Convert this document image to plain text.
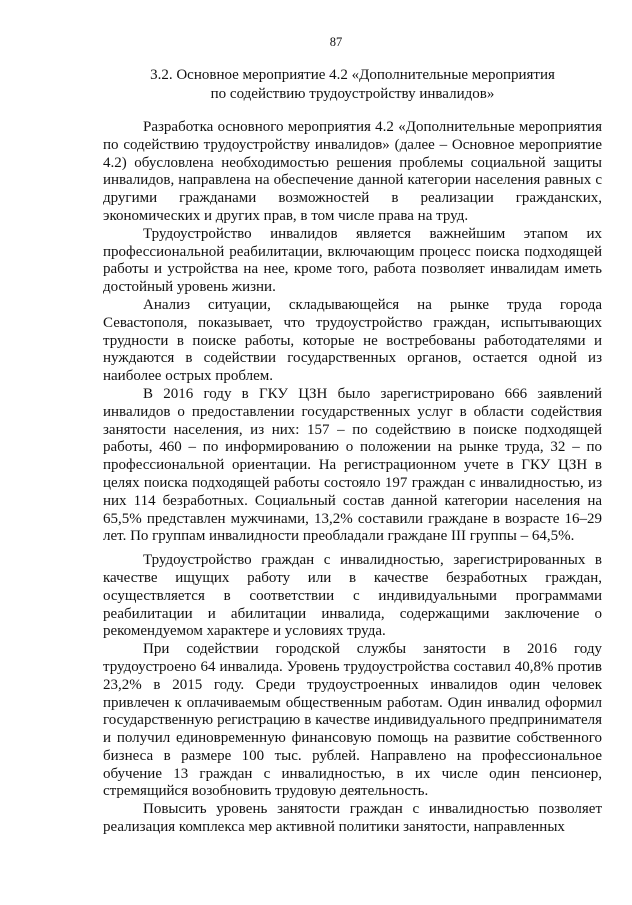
87
3.2. Основное мероприятие 4.2 «Дополнительные мероприятия
по содействию трудоустройству инвалидов»

Разработка основного мероприятия 4.2 «Дополнительные мероприятия по содействию трудоустройству инвалидов» (далее – Основное мероприятие 4.2) обусловлена необходимостью решения проблемы социальной защиты инвалидов, направлена на обеспечение данной категории населения равных с другими гражданами возможностей в реализации гражданских, экономических и других прав, в том числе права на труд.

Трудоустройство инвалидов является важнейшим этапом их профессиональной реабилитации, включающим процесс поиска подходящей работы и устройства на нее, кроме того, работа позволяет инвалидам иметь достойный уровень жизни.

Анализ ситуации, складывающейся на рынке труда города Севастополя, показывает, что трудоустройство граждан, испытывающих трудности в поиске работы, которые не востребованы работодателями и нуждаются в содействии государственных органов, остается одной из наиболее острых проблем.

В 2016 году в ГКУ ЦЗН было зарегистрировано 666 заявлений инвалидов о предоставлении государственных услуг в области содействия занятости населения, из них: 157 – по содействию в поиске подходящей работы, 460 – по информированию о положении на рынке труда, 32 – по профессиональной ориентации. На регистрационном учете в ГКУ ЦЗН в целях поиска подходящей работы состояло 197 граждан с инвалидностью, из них 114 безработных. Социальный состав данной категории населения на 65,5% представлен мужчинами, 13,2% составили граждане в возрасте 16–29 лет. По группам инвалидности преобладали граждане III группы – 64,5%.

Трудоустройство граждан с инвалидностью, зарегистрированных в качестве ищущих работу или в качестве безработных граждан, осуществляется в соответствии с индивидуальными программами реабилитации и абилитации инвалида, содержащими заключение о рекомендуемом характере и условиях труда.

При содействии городской службы занятости в 2016 году трудоустроено 64 инвалида. Уровень трудоустройства составил 40,8% против 23,2% в 2015 году. Среди трудоустроенных инвалидов один человек привлечен к оплачиваемым общественным работам. Один инвалид оформил государственную регистрацию в качестве индивидуального предпринимателя и получил единовременную финансовую помощь на развитие собственного бизнеса в размере 100 тыс. рублей. Направлено на профессиональное обучение 13 граждан с инвалидностью, в их числе один пенсионер, стремящийся возобновить трудовую деятельность.

Повысить уровень занятости граждан с инвалидностью позволяет реализация комплекса мер активной политики занятости, направленных
